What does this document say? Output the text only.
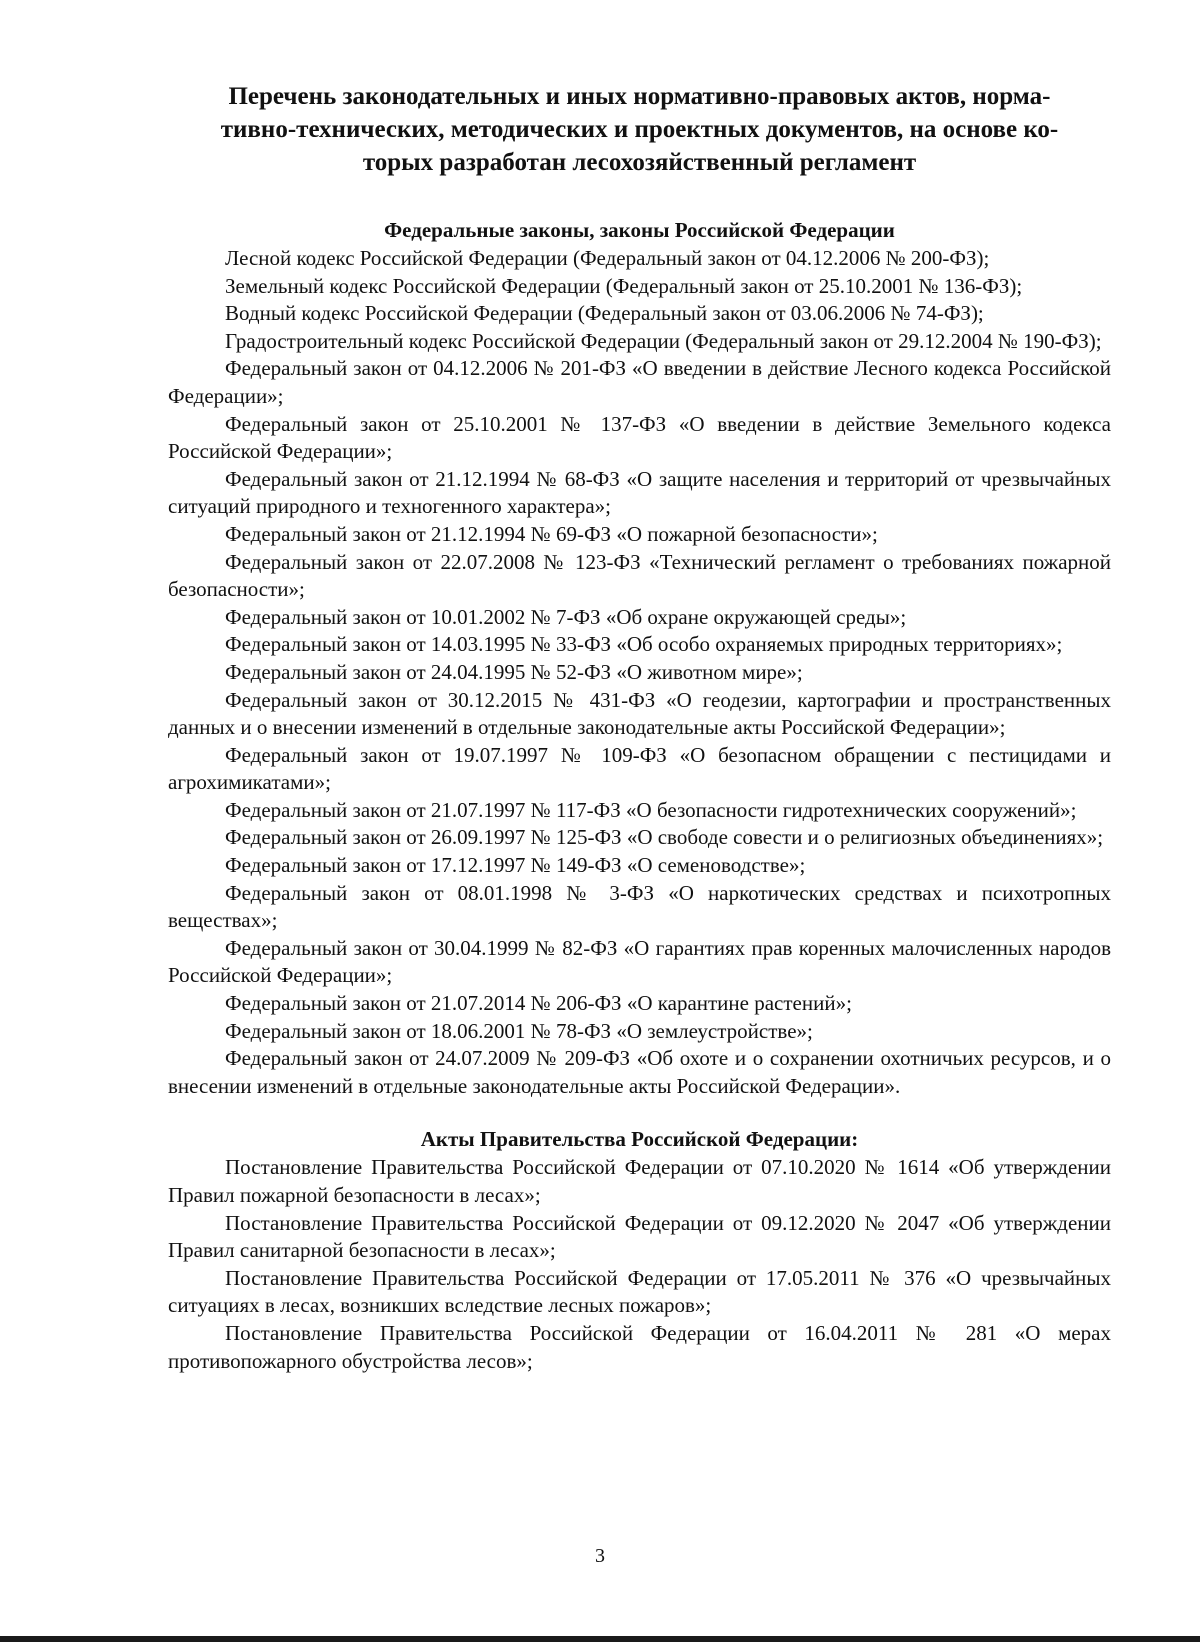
Перечень законодательных и иных нормативно-правовых актов, норма-
тивно-технических, методических и проектных документов, на основе ко-
торых разработан лесохозяйственный регламент
Федеральные законы, законы Российской Федерации

Лесной кодекс Российской Федерации (Федеральный закон от 04.12.2006 № 200-ФЗ);

Земельный кодекс Российской Федерации (Федеральный закон от 25.10.2001 № 136-ФЗ);

Водный кодекс Российской Федерации (Федеральный закон от 03.06.2006 № 74-ФЗ);

Градостроительный кодекс Российской Федерации (Федеральный закон от 29.12.2004 № 190-ФЗ);

Федеральный закон от 04.12.2006 № 201-ФЗ «О введении в действие Лесного кодекса Российской Федерации»;

Федеральный закон от 25.10.2001 № 137-ФЗ «О введении в действие Земельного кодекса Российской Федерации»;

Федеральный закон от 21.12.1994 № 68-ФЗ «О защите населения и территорий от чрезвычайных ситуаций природного и техногенного характера»;

Федеральный закон от 21.12.1994 № 69-ФЗ «О пожарной безопасности»;

Федеральный закон от 22.07.2008 № 123-ФЗ «Технический регламент о требованиях пожарной безопасности»;

Федеральный закон от 10.01.2002 № 7-ФЗ «Об охране окружающей среды»;

Федеральный закон от 14.03.1995 № 33-ФЗ «Об особо охраняемых природных территориях»;

Федеральный закон от 24.04.1995 № 52-ФЗ «О животном мире»;

Федеральный закон от 30.12.2015 № 431-ФЗ «О геодезии, картографии и пространственных данных и о внесении изменений в отдельные законодательные акты Российской Федерации»;

Федеральный закон от 19.07.1997 № 109-ФЗ «О безопасном обращении с пестицидами и агрохимикатами»;

Федеральный закон от 21.07.1997 № 117-ФЗ «О безопасности гидротехнических сооружений»;

Федеральный закон от 26.09.1997 № 125-ФЗ «О свободе совести и о религиозных объединениях»;

Федеральный закон от 17.12.1997 № 149-ФЗ «О семеноводстве»;

Федеральный закон от 08.01.1998 № 3-ФЗ «О наркотических средствах и психотропных веществах»;

Федеральный закон от 30.04.1999 № 82-ФЗ «О гарантиях прав коренных малочисленных народов Российской Федерации»;

Федеральный закон от 21.07.2014 № 206-ФЗ «О карантине растений»;

Федеральный закон от 18.06.2001 № 78-ФЗ «О землеустройстве»;

Федеральный закон от 24.07.2009 № 209-ФЗ «Об охоте и о сохранении охотничьих ресурсов, и о внесении изменений в отдельные законодательные акты Российской Федерации».

Акты Правительства Российской Федерации:

Постановление Правительства Российской Федерации от 07.10.2020 № 1614 «Об утверждении Правил пожарной безопасности в лесах»;

Постановление Правительства Российской Федерации от 09.12.2020 № 2047 «Об утверждении Правил санитарной безопасности в лесах»;

Постановление Правительства Российской Федерации от 17.05.2011 № 376 «О чрезвычайных ситуациях в лесах, возникших вследствие лесных пожаров»;

Постановление Правительства Российской Федерации от 16.04.2011 № 281 «О мерах противопожарного обустройства лесов»;

3
